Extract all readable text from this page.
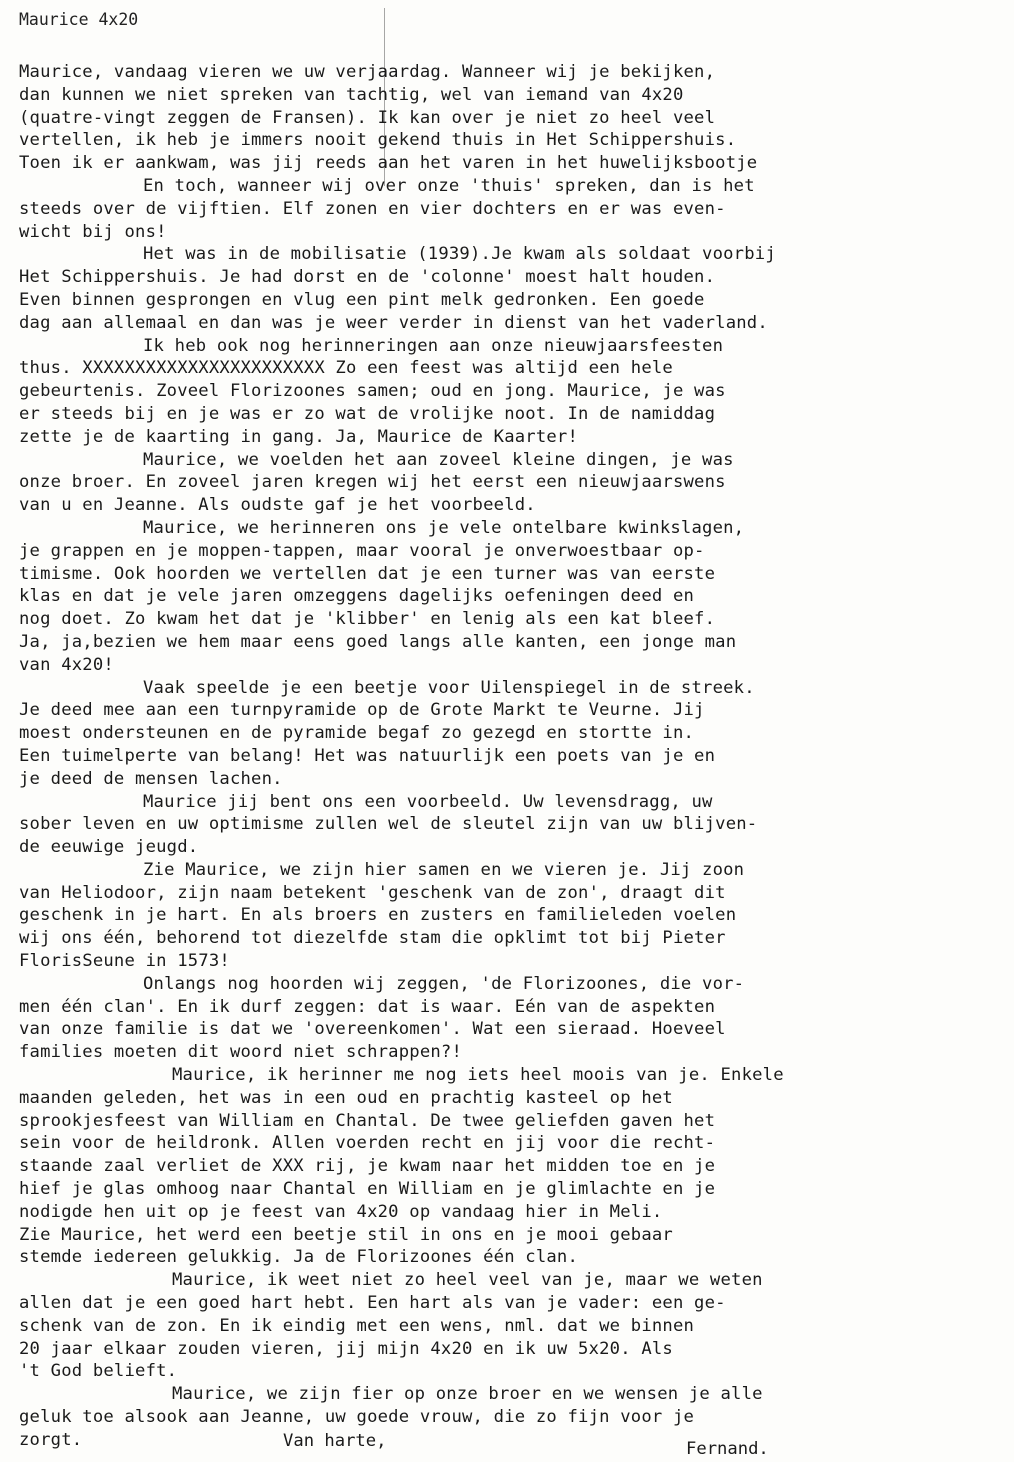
Maurice 4x20
Maurice, vandaag vieren we uw verjaardag. Wanneer wij je bekijken,
dan kunnen we niet spreken van tachtig, wel van iemand van 4x20
(quatre-vingt zeggen de Fransen). Ik kan over je niet zo heel veel
vertellen, ik heb je immers nooit gekend thuis in Het Schippershuis.
Toen ik er aankwam, was jij reeds aan het varen in het huwelijksbootje
En toch, wanneer wij over onze 'thuis' spreken, dan is het
steeds over de vijftien. Elf zonen en vier dochters en er was even-
wicht bij ons!
Het was in de mobilisatie (1939).Je kwam als soldaat voorbij
Het Schippershuis. Je had dorst en de 'colonne' moest halt houden.
Even binnen gesprongen en vlug een pint melk gedronken. Een goede
dag aan allemaal en dan was je weer verder in dienst van het vaderland.
Ik heb ook nog herinneringen aan onze nieuwjaarsfeesten
thus. XXXXXXXXXXXXXXXXXXXXXXX Zo een feest was altijd een hele
gebeurtenis. Zoveel Florizoones samen; oud en jong. Maurice, je was
er steeds bij en je was er zo wat de vrolijke noot. In de namiddag
zette je de kaarting in gang. Ja, Maurice de Kaarter!
Maurice, we voelden het aan zoveel kleine dingen, je was
onze broer. En zoveel jaren kregen wij het eerst een nieuwjaarswens
van u en Jeanne. Als oudste gaf je het voorbeeld.
Maurice, we herinneren ons je vele ontelbare kwinkslagen,
je grappen en je moppen-tappen, maar vooral je onverwoestbaar op-
timisme. Ook hoorden we vertellen dat je een turner was van eerste
klas en dat je vele jaren omzeggens dagelijks oefeningen deed en
nog doet. Zo kwam het dat je 'klibber' en lenig als een kat bleef.
Ja, ja,bezien we hem maar eens goed langs alle kanten, een jonge man
van 4x20!
Vaak speelde je een beetje voor Uilenspiegel in de streek.
Je deed mee aan een turnpyramide op de Grote Markt te Veurne. Jij
moest ondersteunen en de pyramide begaf zo gezegd en stortte in.
Een tuimelperte van belang! Het was natuurlijk een poets van je en
je deed de mensen lachen.
Maurice jij bent ons een voorbeeld. Uw levensdragg, uw
sober leven en uw optimisme zullen wel de sleutel zijn van uw blijven-
de eeuwige jeugd.
Zie Maurice, we zijn hier samen en we vieren je. Jij zoon
van Heliodoor, zijn naam betekent 'geschenk van de zon', draagt dit
geschenk in je hart. En als broers en zusters en familieleden voelen
wij ons één, behorend tot diezelfde stam die opklimt tot bij Pieter
FlorisSeune in 1573!
Onlangs nog hoorden wij zeggen, 'de Florizoones, die vor-
men één clan'. En ik durf zeggen: dat is waar. Eén van de aspekten
van onze familie is dat we 'overeenkomen'. Wat een sieraad. Hoeveel
families moeten dit woord niet schrappen?!
Maurice, ik herinner me nog iets heel moois van je. Enkele
maanden geleden, het was in een oud en prachtig kasteel op het
sprookjesfeest van William en Chantal. De twee geliefden gaven het
sein voor de heildronk. Allen voerden recht en jij voor die recht-
staande zaal verliet de XXX rij, je kwam naar het midden toe en je
hief je glas omhoog naar Chantal en William en je glimlachte en je
nodigde hen uit op je feest van 4x20 op vandaag hier in Meli.
Zie Maurice, het werd een beetje stil in ons en je mooi gebaar
stemde iedereen gelukkig. Ja de Florizoones één clan.
Maurice, ik weet niet zo heel veel van je, maar we weten
allen dat je een goed hart hebt. Een hart als van je vader: een ge-
schenk van de zon. En ik eindig met een wens, nml. dat we binnen
20 jaar elkaar zouden vieren, jij mijn 4x20 en ik uw 5x20. Als
't God belieft.
Maurice, we zijn fier op onze broer en we wensen je alle
geluk toe alsook aan Jeanne, uw goede vrouw, die zo fijn voor je
zorgt.	Van harte,	Fernand.
